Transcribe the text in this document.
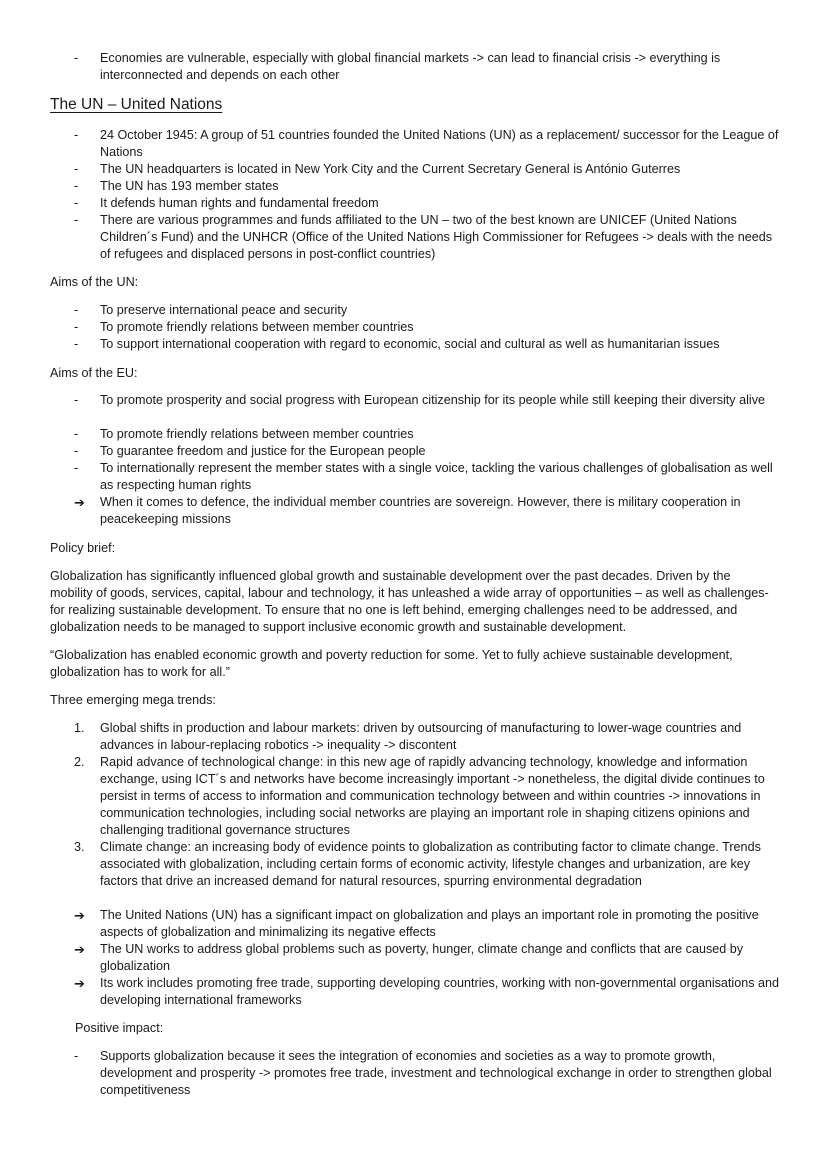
-	Economies are vulnerable, especially with global financial markets -> can lead to financial crisis -> everything is interconnected and depends on each other
The UN – United Nations
-	24 October 1945: A group of 51 countries founded the United Nations (UN) as a replacement/ successor for the League of Nations
-	The UN headquarters is located in New York City and the Current Secretary General is António Guterres
-	The UN has 193 member states
-	It defends human rights and fundamental freedom
-	There are various programmes and funds affiliated to the UN – two of the best known are UNICEF (United Nations Children´s Fund) and the UNHCR (Office of the United Nations High Commissioner for Refugees -> deals with the needs of refugees and displaced persons in post-conflict countries)
Aims of the UN:
-	To preserve international peace and security
-	To promote friendly relations between member countries
-	To support international cooperation with regard to economic, social and cultural as well as humanitarian issues
Aims of the EU:
-	To promote prosperity and social progress with European citizenship for its people while still keeping their diversity alive
-	To promote friendly relations between member countries
-	To guarantee freedom and justice for the European people
-	To internationally represent the member states with a single voice, tackling the various challenges of globalisation as well as respecting human rights
➔	When it comes to defence, the individual member countries are sovereign. However, there is military cooperation in peacekeeping missions
Policy brief:
Globalization has significantly influenced global growth and sustainable development over the past decades. Driven by the mobility of goods, services, capital, labour and technology, it has unleashed a wide array of opportunities – as well as challenges- for realizing sustainable development. To ensure that no one is left behind, emerging challenges need to be addressed, and globalization needs to be managed to support inclusive economic growth and sustainable development.
“Globalization has enabled economic growth and poverty reduction for some. Yet to fully achieve sustainable development, globalization has to work for all.”
Three emerging mega trends:
1.	Global shifts in production and labour markets: driven by outsourcing of manufacturing to lower-wage countries and advances in labour-replacing robotics -> inequality -> discontent
2.	Rapid advance of technological change: in this new age of rapidly advancing technology, knowledge and information exchange, using ICT´s and networks have become increasingly important -> nonetheless, the digital divide continues to persist in terms of access to information and communication technology between and within countries -> innovations in communication technologies, including social networks are playing an important role in shaping citizens opinions and challenging traditional governance structures
3.	Climate change: an increasing body of evidence points to globalization as contributing factor to climate change. Trends associated with globalization, including certain forms of economic activity, lifestyle changes and urbanization, are key factors that drive an increased demand for natural resources, spurring environmental degradation
➔	The United Nations (UN) has a significant impact on globalization and plays an important role in promoting the positive aspects of globalization and minimalizing its negative effects
➔	The UN works to address global problems such as poverty, hunger, climate change and conflicts that are caused by globalization
➔	Its work includes promoting free trade, supporting developing countries, working with non-governmental organisations and developing international frameworks
Positive impact:
-	Supports globalization because it sees the integration of economies and societies as a way to promote growth, development and prosperity -> promotes free trade, investment and technological exchange in order to strengthen global competitiveness
